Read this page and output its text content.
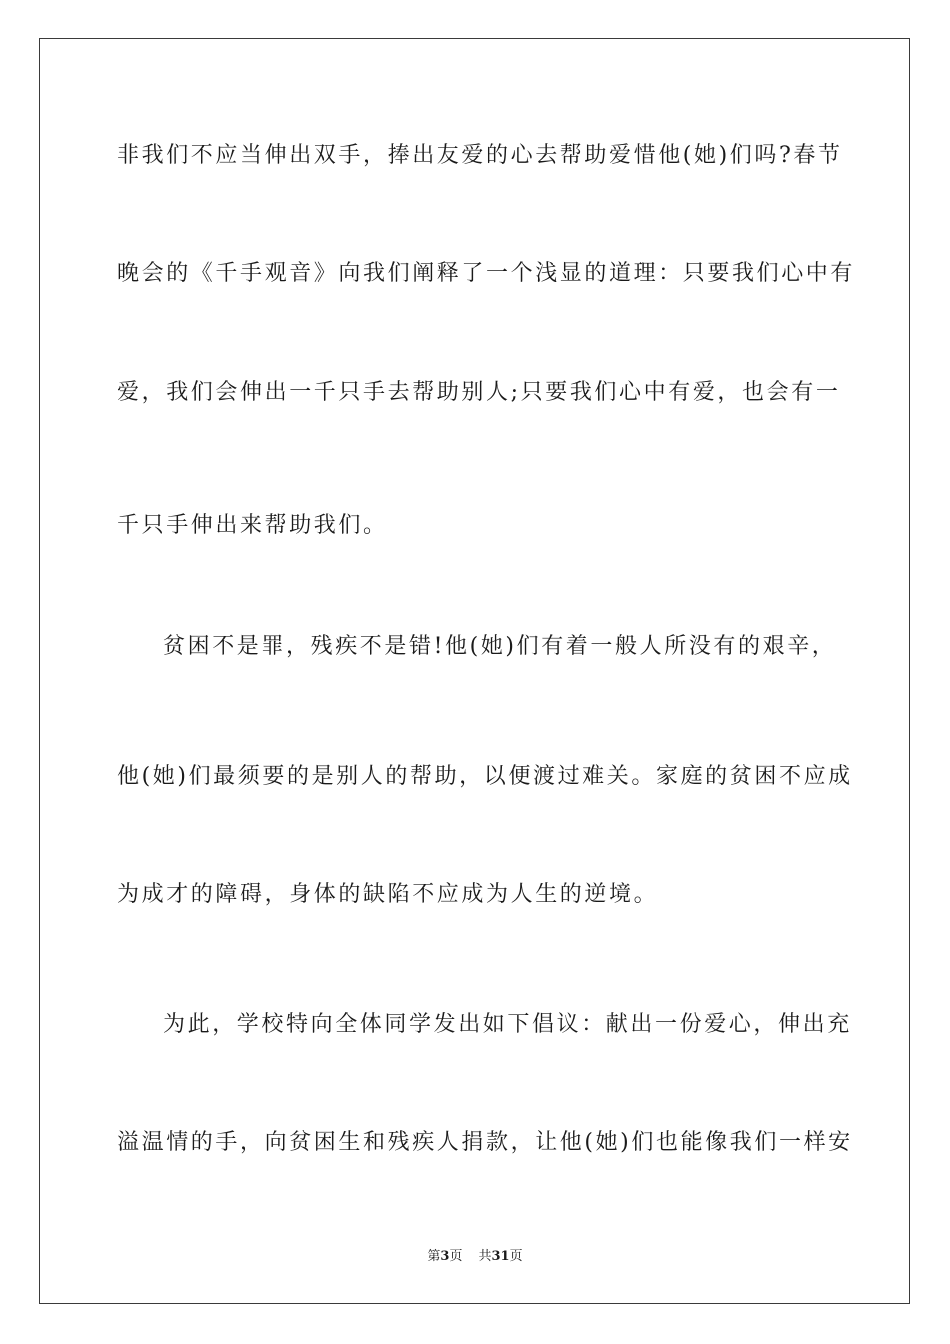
非我们不应当伸出双手，捧出友爱的心去帮助爱惜他(她)们吗?春节
晚会的《千手观音》向我们阐释了一个浅显的道理：只要我们心中有
爱，我们会伸出一千只手去帮助别人;只要我们心中有爱，也会有一
千只手伸出来帮助我们。
贫困不是罪，残疾不是错!他(她)们有着一般人所没有的艰辛，
他(她)们最须要的是别人的帮助，以便渡过难关。家庭的贫困不应成
为成才的障碍，身体的缺陷不应成为人生的逆境。
为此，学校特向全体同学发出如下倡议：献出一份爱心，伸出充
溢温情的手，向贫困生和残疾人捐款，让他(她)们也能像我们一样安
第3页 共31页
